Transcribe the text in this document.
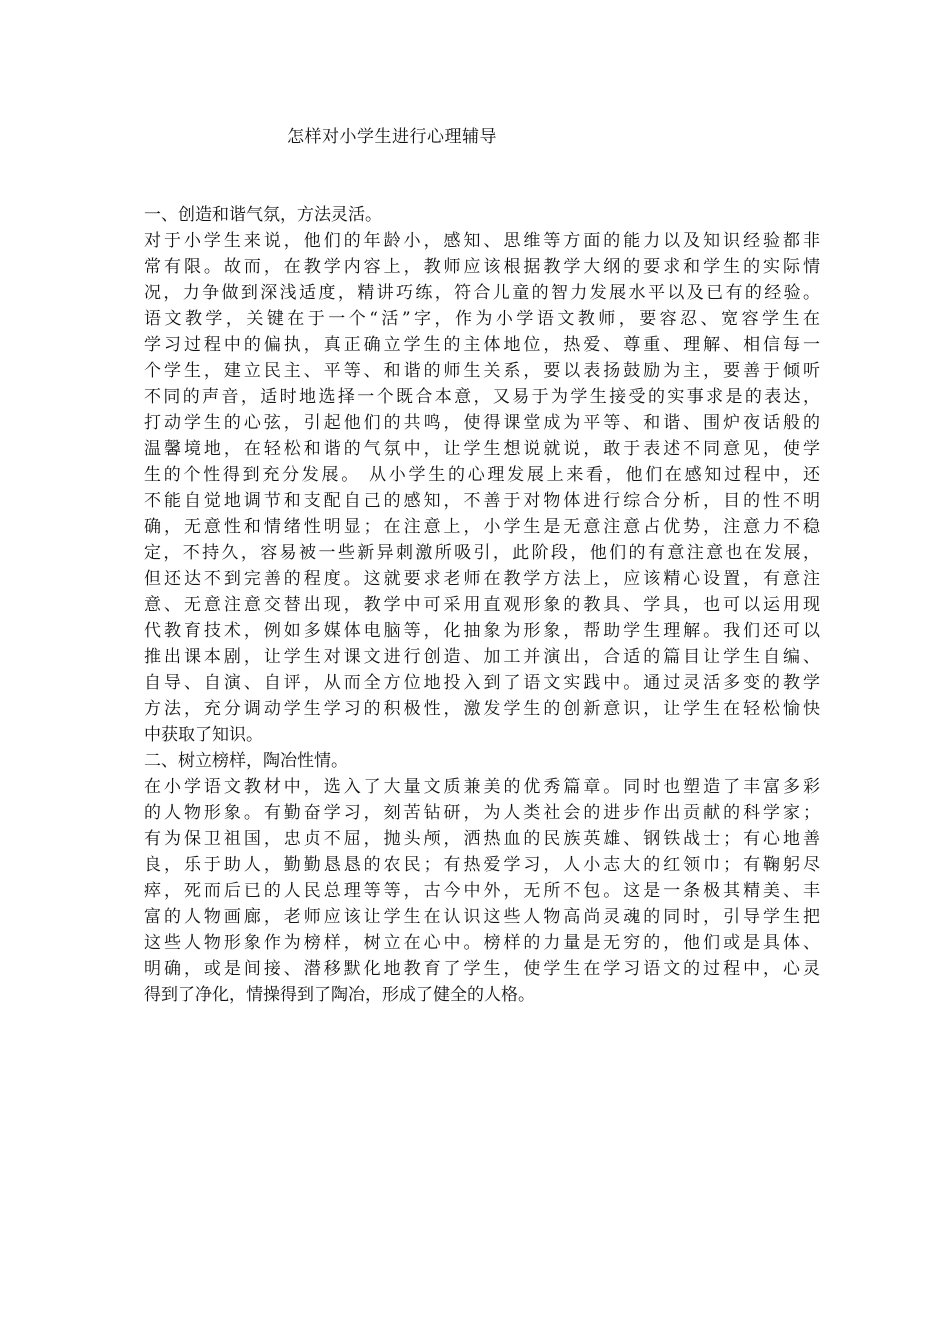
怎样对小学生进行心理辅导
一、创造和谐气氛，方法灵活。
对于小学生来说，他们的年龄小，感知、思维等方面的能力以及知识经验都非
常有限。故而，在教学内容上，教师应该根据教学大纲的要求和学生的实际情
况，力争做到深浅适度，精讲巧练，符合儿童的智力发展水平以及已有的经验。
语文教学，关键在于一个“活”字，作为小学语文教师，要容忍、宽容学生在
学习过程中的偏执，真正确立学生的主体地位，热爱、尊重、理解、相信每一
个学生，建立民主、平等、和谐的师生关系，要以表扬鼓励为主，要善于倾听
不同的声音，适时地选择一个既合本意，又易于为学生接受的实事求是的表达，
打动学生的心弦，引起他们的共鸣，使得课堂成为平等、和谐、围炉夜话般的
温馨境地，在轻松和谐的气氛中，让学生想说就说，敢于表述不同意见，使学
生的个性得到充分发展。 从小学生的心理发展上来看，他们在感知过程中，还
不能自觉地调节和支配自己的感知，不善于对物体进行综合分析，目的性不明
确，无意性和情绪性明显；在注意上，小学生是无意注意占优势，注意力不稳
定，不持久，容易被一些新异刺激所吸引，此阶段，他们的有意注意也在发展，
但还达不到完善的程度。这就要求老师在教学方法上，应该精心设置，有意注
意、无意注意交替出现，教学中可采用直观形象的教具、学具，也可以运用现
代教育技术，例如多媒体电脑等，化抽象为形象，帮助学生理解。我们还可以
推出课本剧，让学生对课文进行创造、加工并演出，合适的篇目让学生自编、
自导、自演、自评，从而全方位地投入到了语文实践中。通过灵活多变的教学
方法，充分调动学生学习的积极性，激发学生的创新意识，让学生在轻松愉快
中获取了知识。
二、树立榜样，陶冶性情。
在小学语文教材中，选入了大量文质兼美的优秀篇章。同时也塑造了丰富多彩
的人物形象。有勤奋学习，刻苦钻研，为人类社会的进步作出贡献的科学家；
有为保卫祖国，忠贞不屈，抛头颅，洒热血的民族英雄、钢铁战士；有心地善
良，乐于助人，勤勤恳恳的农民；有热爱学习，人小志大的红领巾；有鞠躬尽
瘁，死而后已的人民总理等等，古今中外，无所不包。这是一条极其精美、丰
富的人物画廊，老师应该让学生在认识这些人物高尚灵魂的同时，引导学生把
这些人物形象作为榜样，树立在心中。榜样的力量是无穷的，他们或是具体、
明确，或是间接、潜移默化地教育了学生，使学生在学习语文的过程中，心灵
得到了净化，情操得到了陶冶，形成了健全的人格。
